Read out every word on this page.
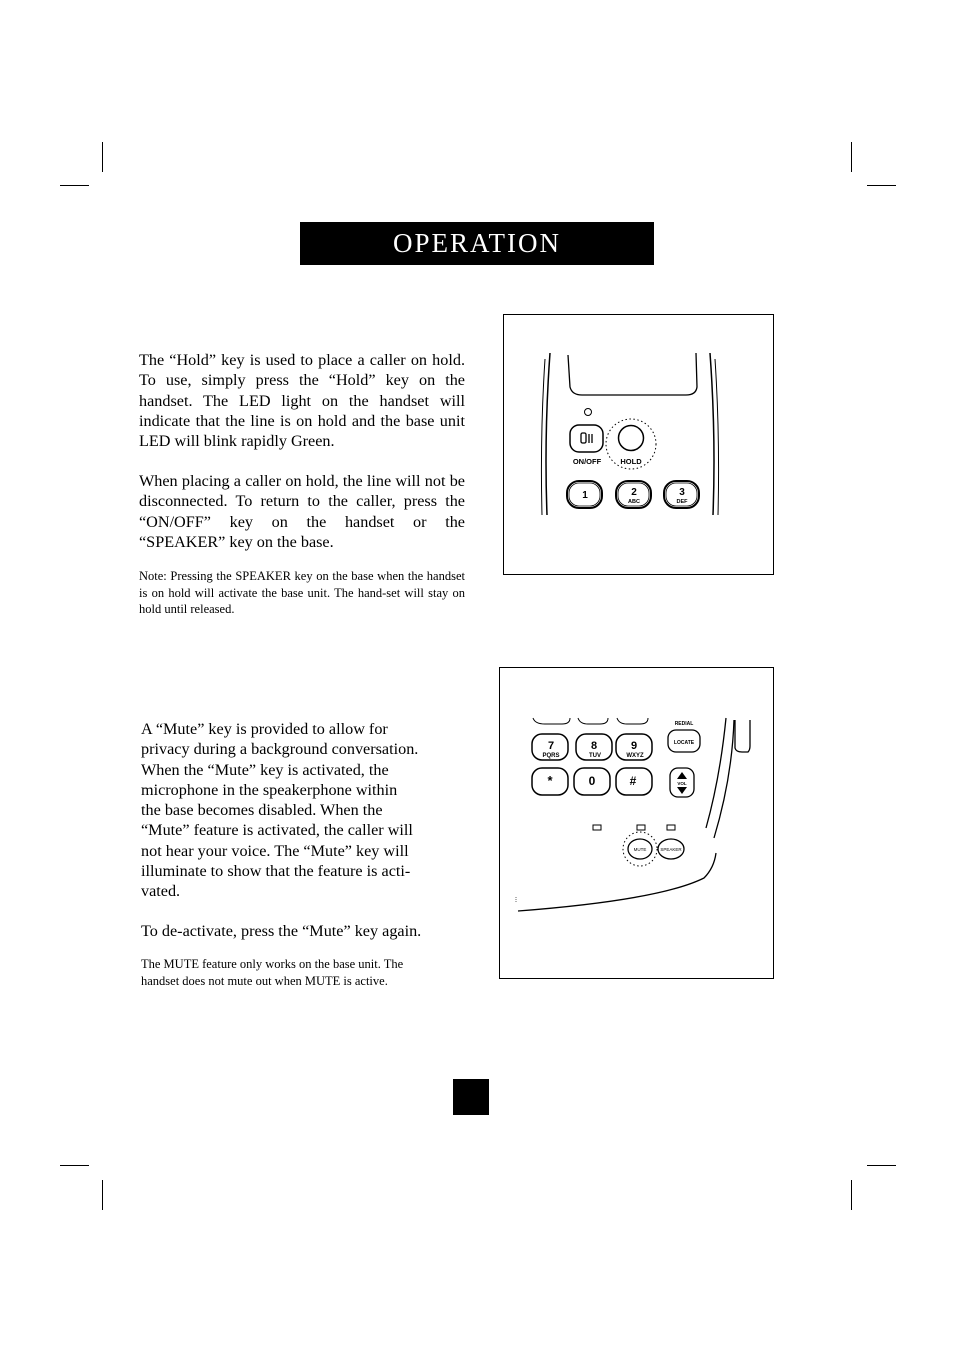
OPERATION
The “Hold” key is used to place a caller on hold. To use, simply press the “Hold” key on the handset. The LED light on the handset will indicate that the line is on hold and the base unit LED will blink rapidly Green.
When placing a caller on hold, the line will not be disconnected. To return to the caller, press the “ON/OFF” key on the handset or the “SPEAKER” key on the base.
Note: Pressing the SPEAKER key on the base when the handset is on hold will activate the base unit. The hand-set will stay on hold until released.
ON/OFF	HOLD
1	2
ABC
3
DEF
A “Mute” key is provided to allow for
privacy during a background conversation.
When the “Mute” key is activated, the
microphone in the speakerphone within
the base becomes disabled. When the
“Mute” feature is activated, the caller will
not hear your voice. The “Mute” key will
illuminate to show that the feature is acti-
vated.
To de-activate, press the “Mute” key again.
The MUTE feature only works on the base unit. The
handset does not mute out when MUTE is active.
7
PQRS
8
TUV
9
WXYZ
*	0	#
REDIAL
LOCATE
VOL
MUTE	SPEAKER
